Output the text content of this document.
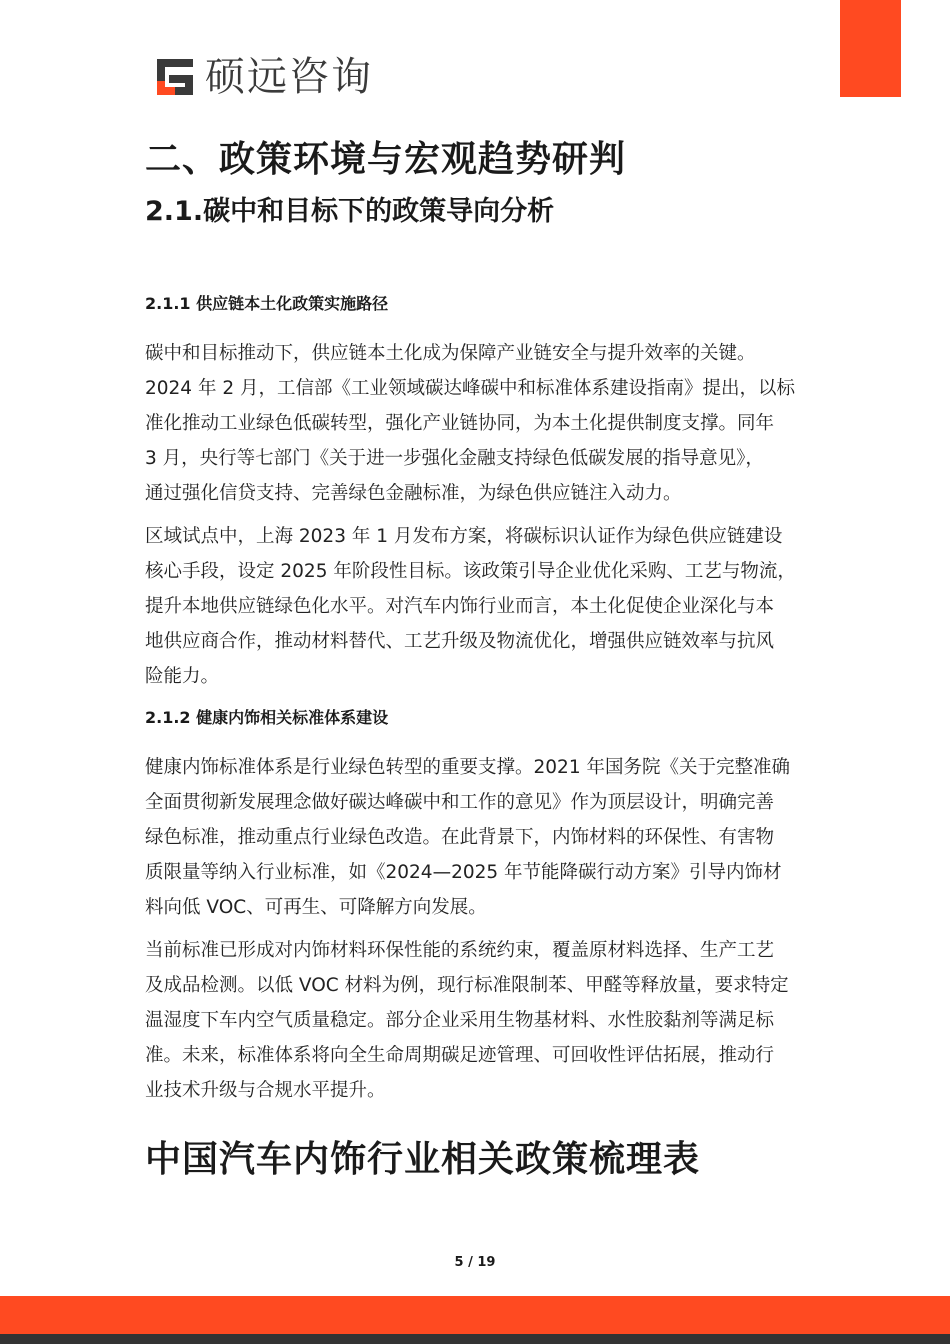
硕远咨询
二、政策环境与宏观趋势研判
2.1.碳中和目标下的政策导向分析
2.1.1 供应链本土化政策实施路径

碳中和目标推动下，供应链本土化成为保障产业链安全与提升效率的关键。
2024 年 2 月，工信部《工业领域碳达峰碳中和标准体系建设指南》提出，以标
准化推动工业绿色低碳转型，强化产业链协同，为本土化提供制度支撑。同年
3 月，央行等七部门《关于进一步强化金融支持绿色低碳发展的指导意见》，
通过强化信贷支持、完善绿色金融标准，为绿色供应链注入动力。

区域试点中，上海 2023 年 1 月发布方案，将碳标识认证作为绿色供应链建设
核心手段，设定 2025 年阶段性目标。该政策引导企业优化采购、工艺与物流，
提升本地供应链绿色化水平。对汽车内饰行业而言，本土化促使企业深化与本
地供应商合作，推动材料替代、工艺升级及物流优化，增强供应链效率与抗风
险能力。

2.1.2 健康内饰相关标准体系建设

健康内饰标准体系是行业绿色转型的重要支撑。2021 年国务院《关于完整准确
全面贯彻新发展理念做好碳达峰碳中和工作的意见》作为顶层设计，明确完善
绿色标准，推动重点行业绿色改造。在此背景下，内饰材料的环保性、有害物
质限量等纳入行业标准，如《2024—2025 年节能降碳行动方案》引导内饰材
料向低 VOC、可再生、可降解方向发展。

当前标准已形成对内饰材料环保性能的系统约束，覆盖原材料选择、生产工艺
及成品检测。以低 VOC 材料为例，现行标准限制苯、甲醛等释放量，要求特定
温湿度下车内空气质量稳定。部分企业采用生物基材料、水性胶黏剂等满足标
准。未来，标准体系将向全生命周期碳足迹管理、可回收性评估拓展，推动行
业技术升级与合规水平提升。

中国汽车内饰行业相关政策梳理表
5 / 19
